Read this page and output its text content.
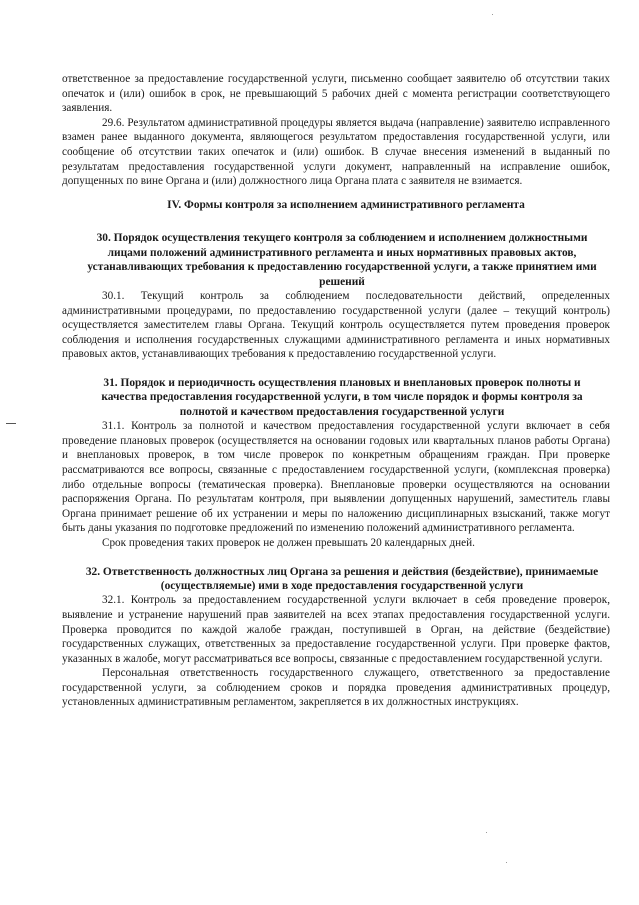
ответственное за предоставление государственной услуги, письменно сообщает заявителю об отсутствии таких опечаток и (или) ошибок в срок, не превышающий 5 рабочих дней с момента регистрации соответствующего заявления.

29.6. Результатом административной процедуры является выдача (направление) заявителю исправленного взамен ранее выданного документа, являющегося результатом предоставления государственной услуги, или сообщение об отсутствии таких опечаток и (или) ошибок. В случае внесения изменений в выданный по результатам предоставления государственной услуги документ, направленный на исправление ошибок, допущенных по вине Органа и (или) должностного лица Органа плата с заявителя не взимается.

IV. Формы контроля за исполнением административного регламента
30. Порядок осуществления текущего контроля за соблюдением и исполнением должностными лицами положений административного регламента и иных нормативных правовых актов, устанавливающих требования к предоставлению государственной услуги, а также принятием ими решений

30.1. Текущий контроль за соблюдением последовательности действий, определенных административными процедурами, по предоставлению государственной услуги (далее – текущий контроль) осуществляется заместителем главы Органа. Текущий контроль осуществляется путем проведения проверок соблюдения и исполнения государственных служащими административного регламента и иных нормативных правовых актов, устанавливающих требования к предоставлению государственной услуги.

31. Порядок и периодичность осуществления плановых и внеплановых проверок полноты и качества предоставления государственной услуги, в том числе порядок и формы контроля за полнотой и качеством предоставления государственной услуги

31.1. Контроль за полнотой и качеством предоставления государственной услуги включает в себя проведение плановых проверок (осуществляется на основании годовых или квартальных планов работы Органа) и внеплановых проверок, в том числе проверок по конкретным обращениям граждан. При проверке рассматриваются все вопросы, связанные с предоставлением государственной услуги, (комплексная проверка) либо отдельные вопросы (тематическая проверка). Внеплановые проверки осуществляются на основании распоряжения Органа. По результатам контроля, при выявлении допущенных нарушений, заместитель главы Органа принимает решение об их устранении и меры по наложению дисциплинарных взысканий, также могут быть даны указания по подготовке предложений по изменению положений административного регламента.

Срок проведения таких проверок не должен превышать 20 календарных дней.

32. Ответственность должностных лиц Органа за решения и действия (бездействие), принимаемые (осуществляемые) ими в ходе предоставления государственной услуги

32.1. Контроль за предоставлением государственной услуги включает в себя проведение проверок, выявление и устранение нарушений прав заявителей на всех этапах предоставления государственной услуги. Проверка проводится по каждой жалобе граждан, поступившей в Орган, на действие (бездействие) государственных служащих, ответственных за предоставление государственной услуги. При проверке фактов, указанных в жалобе, могут рассматриваться все вопросы, связанные с предоставлением государственной услуги.

Персональная ответственность государственного служащего, ответственного за предоставление государственной услуги, за соблюдением сроков и порядка проведения административных процедур, установленных административным регламентом, закрепляется в их должностных инструкциях.
